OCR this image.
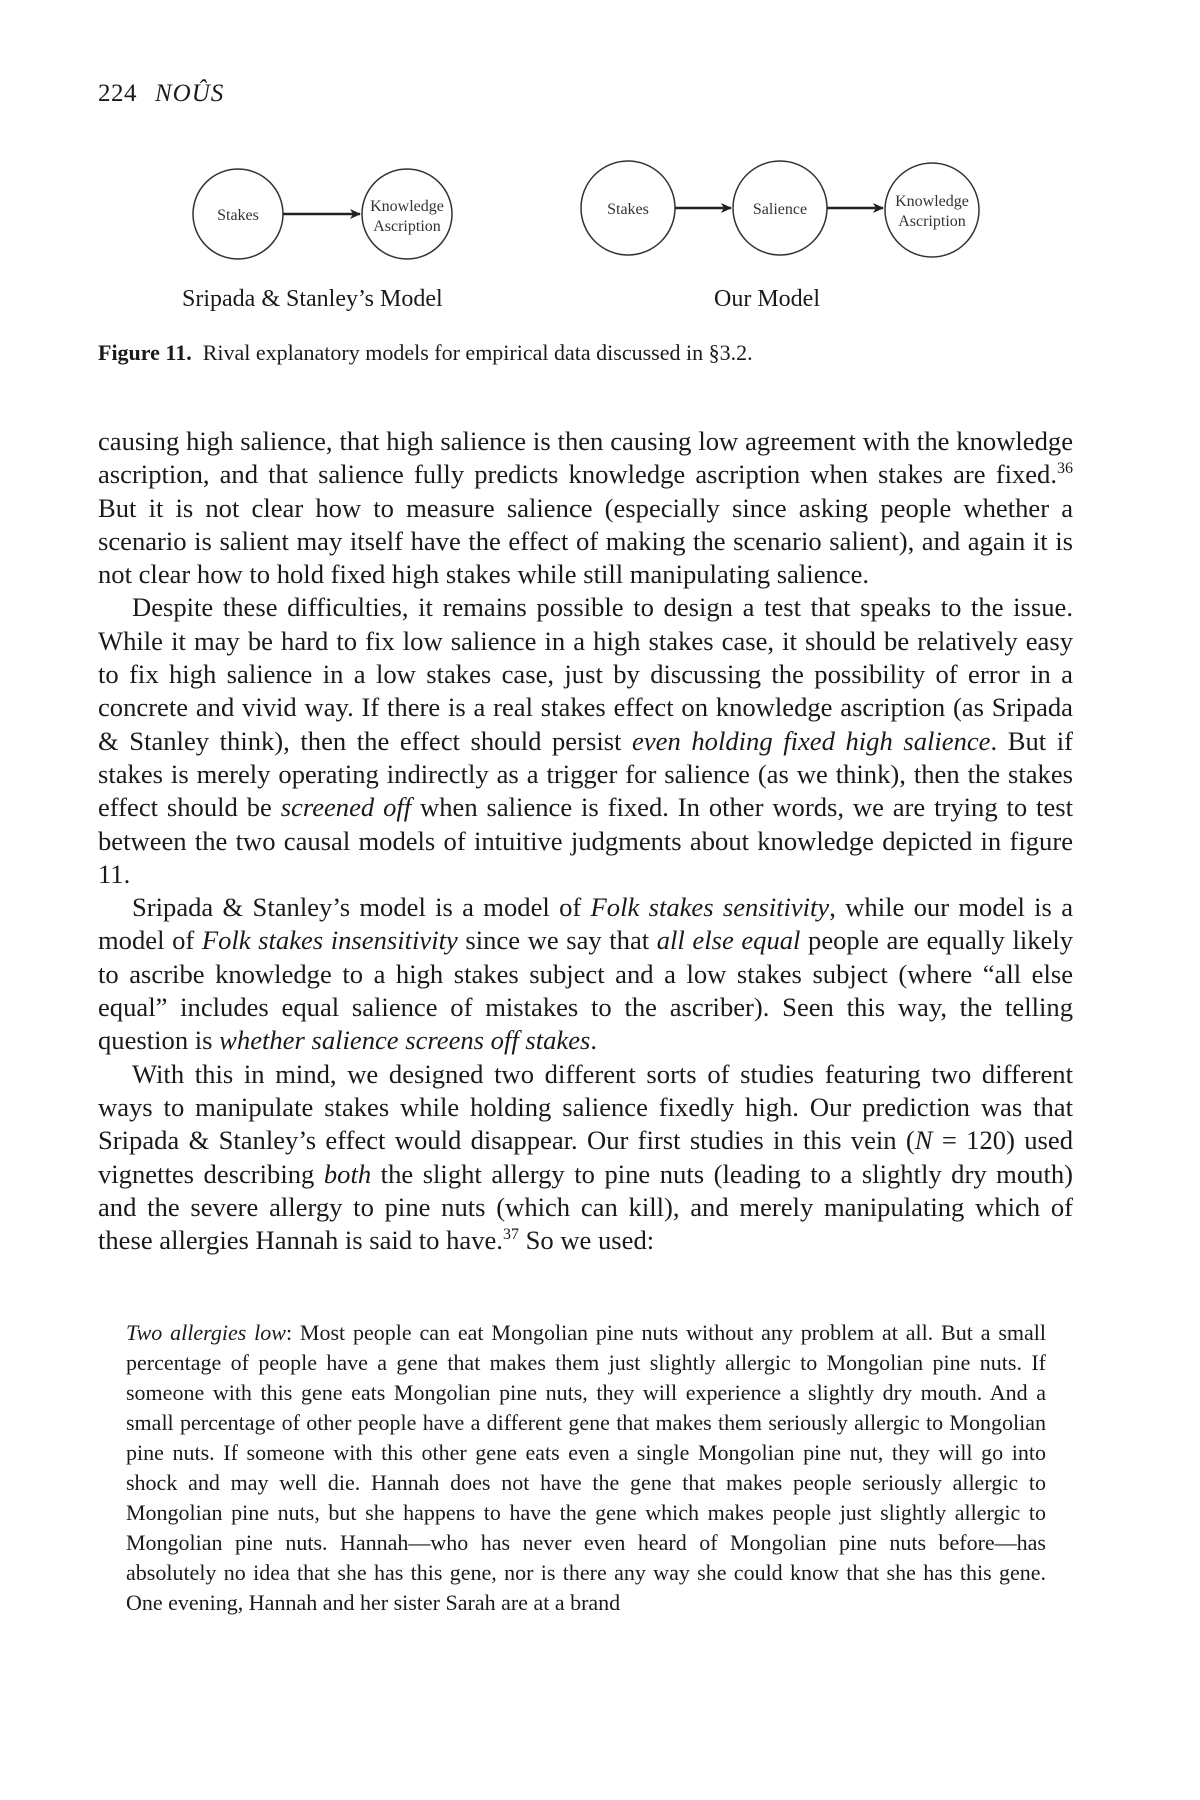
224 NOÛS
Stakes
Knowledge
Ascription
Stakes	Salience	Knowledge
Ascription
Sripada & Stanley’s Model	Our Model
Figure 11. Rival explanatory models for empirical data discussed in §3.2.

causing high salience, that high salience is then causing low agreement with the knowledge ascription, and that salience fully predicts knowledge ascription when stakes are fixed.$^{36}$ But it is not clear how to measure salience (especially since asking people whether a scenario is salient may itself have the effect of making the scenario salient), and again it is not clear how to hold fixed high stakes while still manipulating salience.

Despite these difficulties, it remains possible to design a test that speaks to the issue. While it may be hard to fix low salience in a high stakes case, it should be relatively easy to fix high salience in a low stakes case, just by discussing the possibility of error in a concrete and vivid way. If there is a real stakes effect on knowledge ascription (as Sripada & Stanley think), then the effect should persist even holding fixed high salience. But if stakes is merely operating indirectly as a trigger for salience (as we think), then the stakes effect should be screened off when salience is fixed. In other words, we are trying to test between the two causal models of intuitive judgments about knowledge depicted in figure 11.

Sripada & Stanley’s model is a model of Folk stakes sensitivity, while our model is a model of Folk stakes insensitivity since we say that all else equal people are equally likely to ascribe knowledge to a high stakes subject and a low stakes subject (where “all else equal” includes equal salience of mistakes to the ascriber). Seen this way, the telling question is whether salience screens off stakes.

With this in mind, we designed two different sorts of studies featuring two different ways to manipulate stakes while holding salience fixedly high. Our prediction was that Sripada & Stanley’s effect would disappear. Our first studies in this vein (N = 120) used vignettes describing both the slight allergy to pine nuts (leading to a slightly dry mouth) and the severe allergy to pine nuts (which can kill), and merely manipulating which of these allergies Hannah is said to have.$^{37}$ So we used:

Two allergies low: Most people can eat Mongolian pine nuts without any problem at all. But a small percentage of people have a gene that makes them just slightly allergic to Mongolian pine nuts. If someone with this gene eats Mongolian pine nuts, they will experience a slightly dry mouth. And a small percentage of other people have a different gene that makes them seriously allergic to Mongolian pine nuts. If someone with this other gene eats even a single Mongolian pine nut, they will go into shock and may well die. Hannah does not have the gene that makes people seriously allergic to Mongolian pine nuts, but she happens to have the gene which makes people just slightly allergic to Mongolian pine nuts. Hannah—who has never even heard of Mongolian pine nuts before—has absolutely no idea that she has this gene, nor is there any way she could know that she has this gene. One evening, Hannah and her sister Sarah are at a brand
